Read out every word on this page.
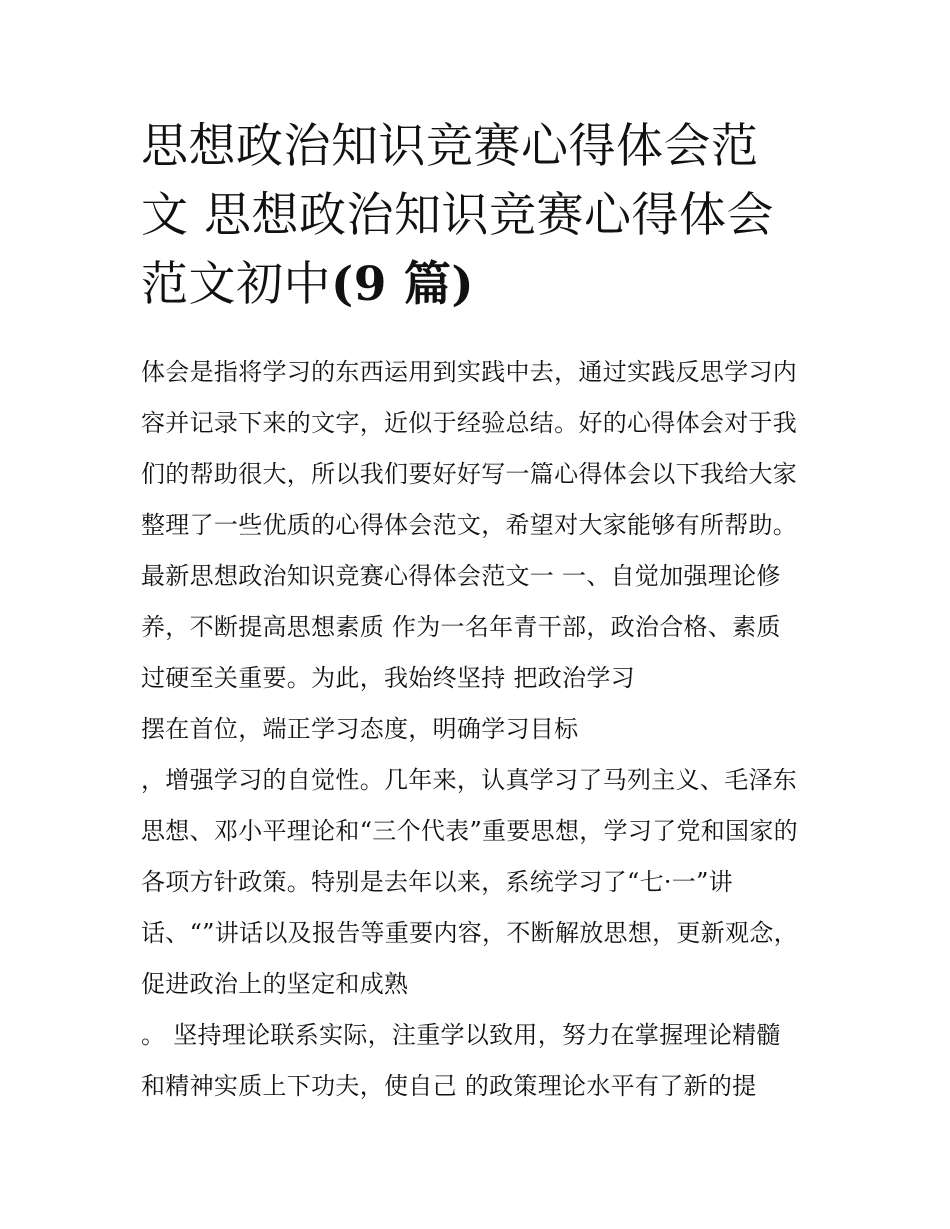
思想政治知识竞赛心得体会范
文 思想政治知识竞赛心得体会
范文初中(9 篇)
体会是指将学习的东西运用到实践中去，通过实践反思学习内
容并记录下来的文字，近似于经验总结。好的心得体会对于我
们的帮助很大，所以我们要好好写一篇心得体会以下我给大家
整理了一些优质的心得体会范文，希望对大家能够有所帮助。
最新思想政治知识竞赛心得体会范文一 一、自觉加强理论修
养，不断提高思想素质 作为一名年青干部，政治合格、素质
过硬至关重要。为此，我始终坚持 把政治学习
摆在首位，端正学习态度，明确学习目标
，增强学习的自觉性。几年来，认真学习了马列主义、毛泽东
思想、邓小平理论和“三个代表”重要思想，学习了党和国家的
各项方针政策。特别是去年以来，系统学习了“七·一”讲
话、“”讲话以及报告等重要内容，不断解放思想，更新观念，
促进政治上的坚定和成熟
。 坚持理论联系实际，注重学以致用，努力在掌握理论精髓
和精神实质上下功夫，使自己 的政策理论水平有了新的提
